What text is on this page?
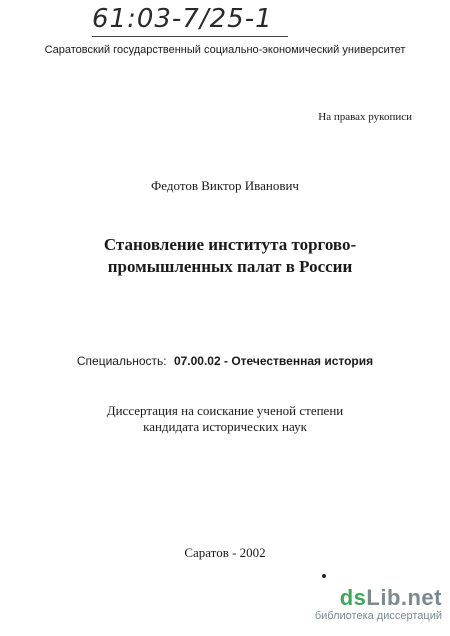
61:03-7/25-1
Саратовский государственный социально-экономический университет
На правах рукописи
Федотов Виктор Иванович
Становление института торгово-
промышленных палат в России
Специальность: 07.00.02 - Отечественная история
Диссертация на соискание ученой степени
кандидата исторических наук
Саратов - 2002
dsLib.net
библиотека диссертаций
